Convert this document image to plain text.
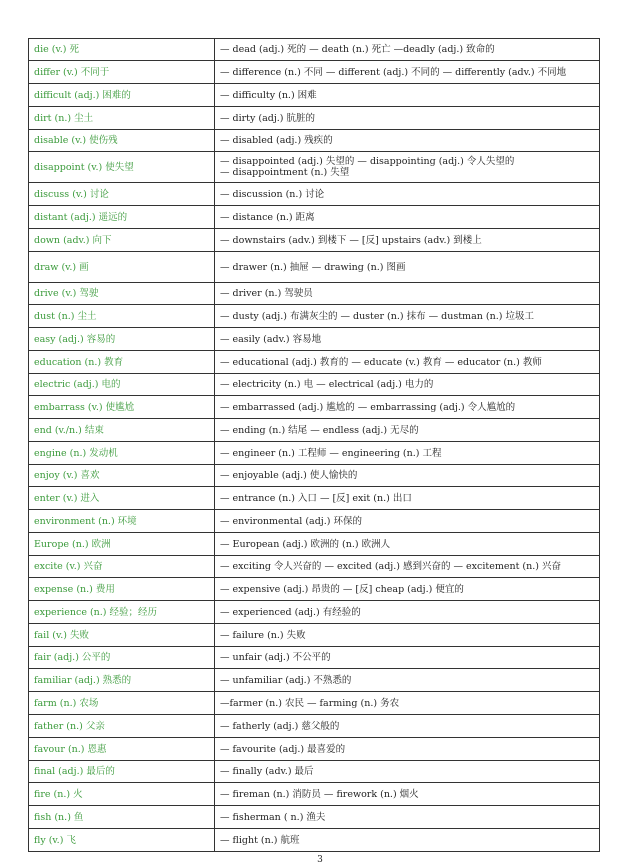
die (v.) 死	— dead (adj.) 死的 — death (n.) 死亡 —deadly (adj.) 致命的

differ (v.) 不同于	— difference (n.) 不同 — different (adj.) 不同的 — differently (adv.) 不同地

difficult (adj.) 困难的	— difficulty (n.) 困难

dirt (n.) 尘土	— dirty (adj.) 肮脏的

disable (v.) 使伤残	— disabled (adj.) 残疾的

disappoint (v.) 使失望	— disappointed (adj.) 失望的 — disappointing (adj.) 令人失望的
— disappointment (n.) 失望

discuss (v.) 讨论	— discussion (n.) 讨论

distant (adj.) 遥远的	— distance (n.) 距离

down (adv.) 向下	— downstairs (adv.) 到楼下 — [反] upstairs (adv.) 到楼上

draw (v.) 画	— drawer (n.) 抽屉 — drawing (n.) 图画

drive (v.) 驾驶	— driver (n.) 驾驶员

dust (n.) 尘土	— dusty (adj.) 布满灰尘的 — duster (n.) 抹布 — dustman (n.) 垃圾工

easy (adj.) 容易的	— easily (adv.) 容易地

education (n.) 教育	— educational (adj.) 教育的 — educate (v.) 教育 — educator (n.) 教师

electric (adj.) 电的	— electricity (n.) 电 — electrical (adj.) 电力的

embarrass (v.) 使尴尬	— embarrassed (adj.) 尴尬的 — embarrassing (adj.) 令人尴尬的

end (v./n.) 结束	— ending (n.) 结尾 — endless (adj.) 无尽的

engine (n.) 发动机	— engineer (n.) 工程师 — engineering (n.) 工程

enjoy (v.) 喜欢	— enjoyable (adj.) 使人愉快的

enter (v.) 进入	— entrance (n.) 入口 — [反] exit (n.) 出口

environment (n.) 环境	— environmental (adj.) 环保的

Europe (n.) 欧洲	— European (adj.) 欧洲的 (n.) 欧洲人

excite (v.) 兴奋	— exciting 令人兴奋的 — excited (adj.) 感到兴奋的 — excitement (n.) 兴奋

expense (n.) 费用	— expensive (adj.) 昂贵的 — [反] cheap (adj.) 便宜的

experience (n.) 经验；经历	— experienced (adj.) 有经验的

fail (v.) 失败	— failure (n.) 失败

fair (adj.) 公平的	— unfair (adj.) 不公平的

familiar (adj.) 熟悉的	— unfamiliar (adj.) 不熟悉的

farm (n.) 农场	—farmer (n.) 农民 — farming (n.) 务农

father (n.) 父亲	— fatherly (adj.) 慈父般的

favour (n.) 恩惠	— favourite (adj.) 最喜爱的

final (adj.) 最后的	— finally (adv.) 最后

fire (n.) 火	— fireman (n.) 消防员 — firework (n.) 烟火

fish (n.) 鱼	— fisherman ( n.) 渔夫

fly (v.) 飞	— flight (n.) 航班
3
